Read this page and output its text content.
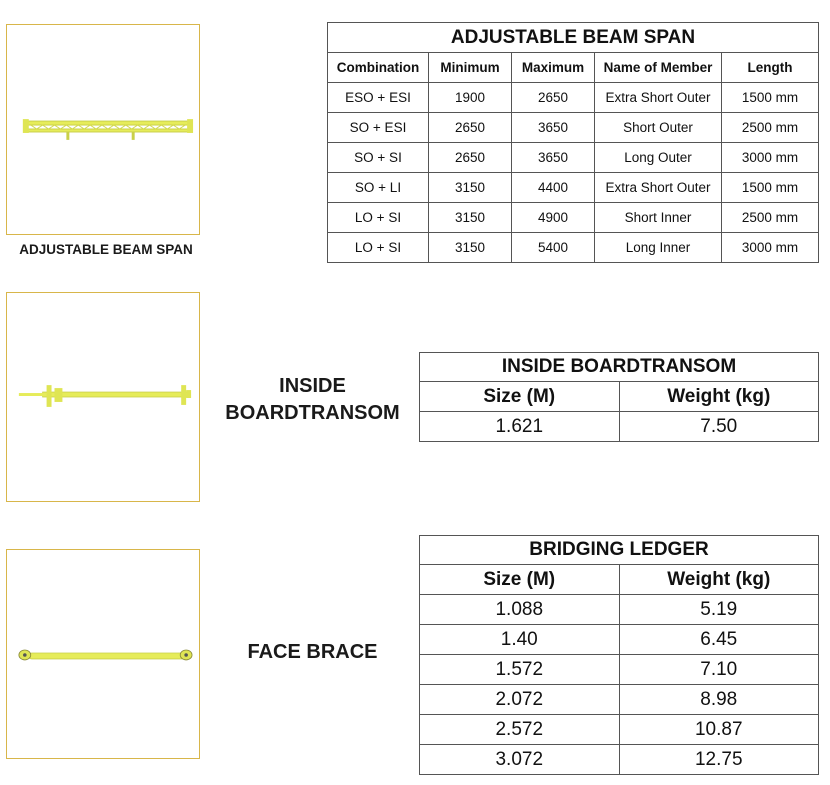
ADJUSTABLE BEAM SPAN
ADJUSTABLE BEAM SPAN				
Combination	Minimum	Maximum	Name of Member	Length
ESO + ESI	1900	2650	Extra Short Outer	1500 mm
SO + ESI	2650	3650	Short Outer	2500 mm
SO + SI	2650	3650	Long Outer	3000 mm
SO + LI	3150	4400	Extra Short Outer	1500 mm
LO + SI	3150	4900	Short Inner	2500 mm
LO + SI	3150	5400	Long Inner	3000 mm
INSIDE
BOARDTRANSOM
INSIDE BOARDTRANSOM	
Size (M)	Weight (kg)
1.621	7.50
FACE BRACE
BRIDGING LEDGER	
Size (M)	Weight (kg)
1.088	5.19
1.40	6.45
1.572	7.10
2.072	8.98
2.572	10.87
3.072	12.75
